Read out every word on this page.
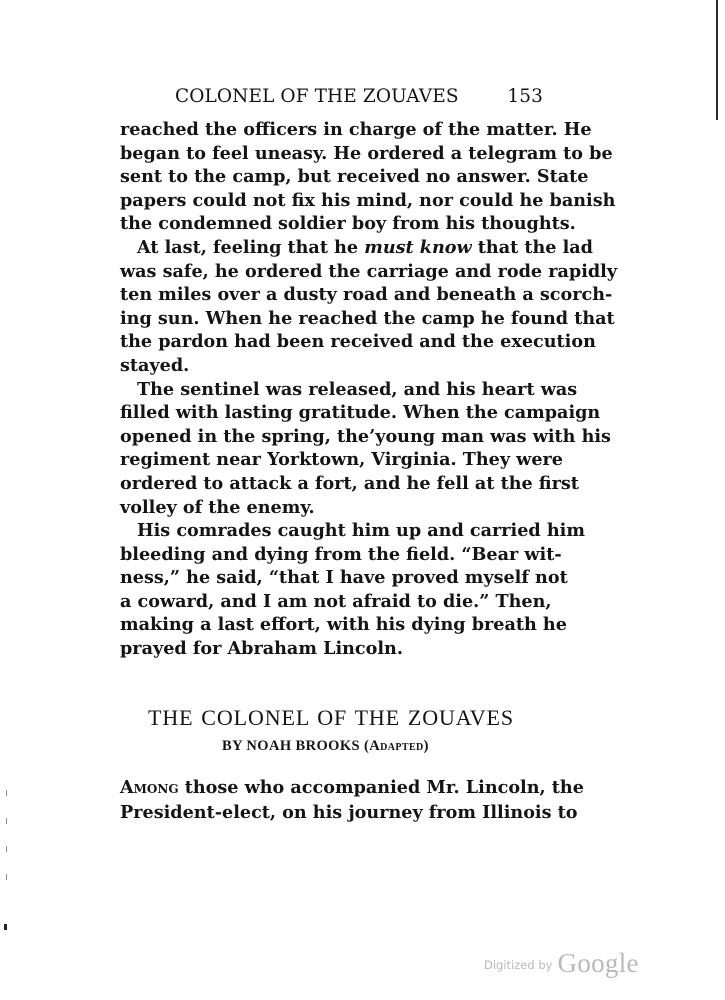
COLONEL OF THE ZOUAVES	153
reached the officers in charge of the matter. He
began to feel uneasy. He ordered a telegram to be
sent to the camp, but received no answer. State
papers could not fix his mind, nor could he banish
the condemned soldier boy from his thoughts.
At last, feeling that he must know that the lad
was safe, he ordered the carriage and rode rapidly
ten miles over a dusty road and beneath a scorch-
ing sun. When he reached the camp he found that
the pardon had been received and the execution
stayed.
The sentinel was released, and his heart was
filled with lasting gratitude. When the campaign
opened in the spring, the’young man was with his
regiment near Yorktown, Virginia. They were
ordered to attack a fort, and he fell at the first
volley of the enemy.
His comrades caught him up and carried him
bleeding and dying from the field. “Bear wit-
ness,” he said, “that I have proved myself not
a coward, and I am not afraid to die.” Then,
making a last effort, with his dying breath he
prayed for Abraham Lincoln.
THE COLONEL OF THE ZOUAVES
BY NOAH BROOKS (Adapted)
Among those who accompanied Mr. Lincoln, the
President-elect, on his journey from Illinois to
Digitized by Google
